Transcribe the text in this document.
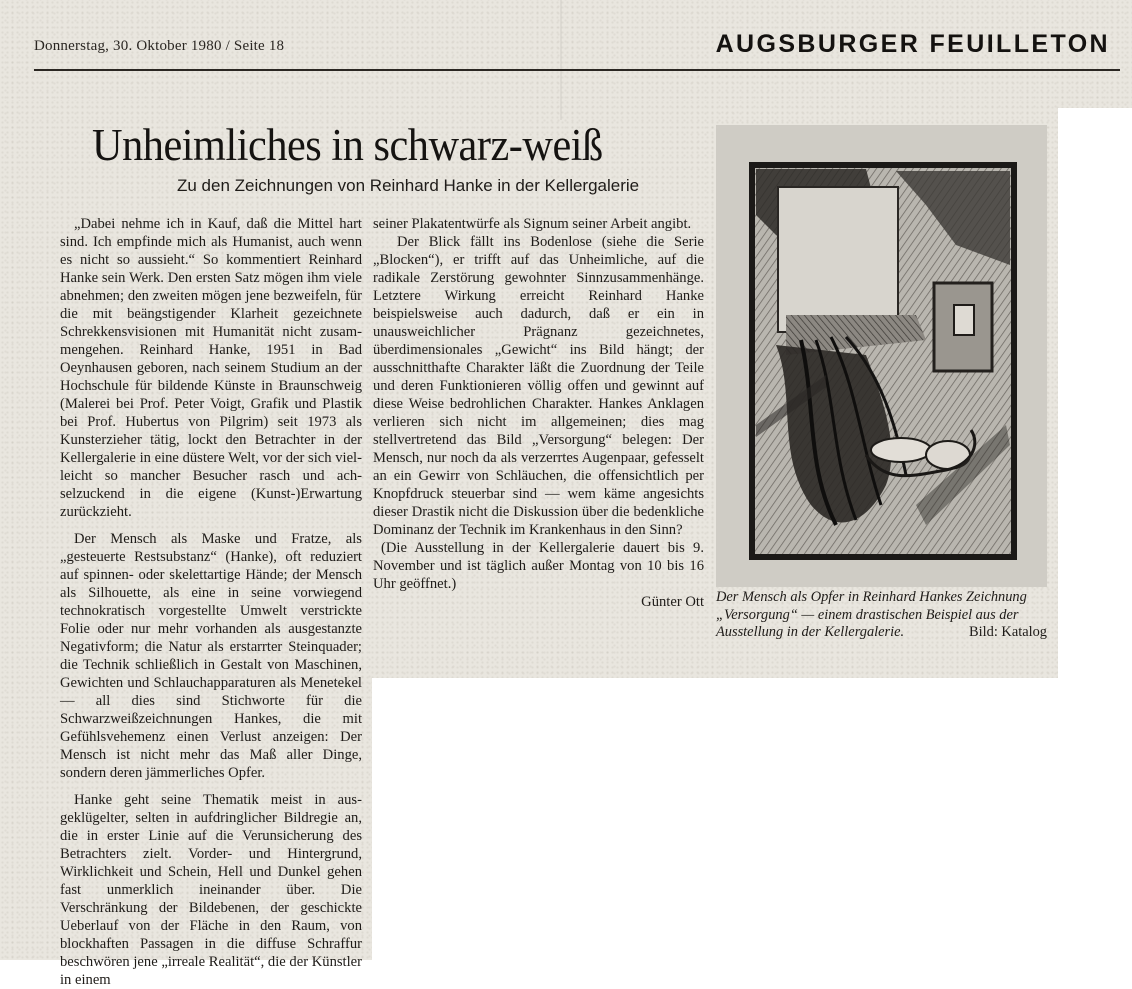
Donnerstag, 30. Oktober 1980 / Seite 18	AUGSBURGER FEUILLETON
Unheimliches in schwarz-weiß
Zu den Zeichnungen von Reinhard Hanke in der Kellergalerie

„Dabei nehme ich in Kauf, daß die Mittel hart sind. Ich empfinde mich als Humanist, auch wenn es nicht so aussieht.“ So kommentiert Reinhard Hanke sein Werk. Den ersten Satz mögen ihm viele abnehmen; den zweiten mögen jene bezweifeln, für die mit beängstigender Klarheit gezeichnete Schrekkensvisionen mit Humanität nicht zusammengehen. Reinhard Hanke, 1951 in Bad Oeynhausen geboren, nach seinem Studium an der Hochschule für bildende Künste in Braunschweig (Malerei bei Prof. Peter Voigt, Grafik und Plastik bei Prof. Hubertus von Pilgrim) seit 1973 als Kunsterzieher tätig, lockt den Betrachter in der Kellergalerie in eine düstere Welt, vor der sich vielleicht so mancher Besucher rasch und achselzuckend in die eigene (Kunst-)Erwartung zurückzieht.

Der Mensch als Maske und Fratze, als „gesteuerte Restsubstanz“ (Hanke), oft reduziert auf spinnen- oder skelettartige Hände; der Mensch als Silhouette, als eine in seine vorwiegend technokratisch vorgestellte Umwelt verstrickte Folie oder nur mehr vorhanden als ausgestanzte Negativform; die Natur als erstarrter Steinquader; die Technik schließlich in Gestalt von Maschinen, Gewichten und Schlauchapparaturen als Menetekel — all dies sind Stichworte für die Schwarzweißzeichnungen Hankes, die mit Gefühlsvehemenz einen Verlust anzeigen: Der Mensch ist nicht mehr das Maß aller Dinge, sondern deren jämmerliches Opfer.

Hanke geht seine Thematik meist in ausgeklügelter, selten in aufdringlicher Bildregie an, die in erster Linie auf die Verunsicherung des Betrachters zielt. Vorder- und Hintergrund, Wirklichkeit und Schein, Hell und Dunkel gehen fast unmerklich ineinander über. Die Verschränkung der Bildebenen, der geschickte Ueberlauf von der Fläche in den Raum, von blockhaften Passagen in die diffuse Schraffur beschwören jene „irreale Realität“, die der Künstler in einem

seiner Plakatentwürfe als Signum seiner Arbeit angibt.

Der Blick fällt ins Bodenlose (siehe die Serie „Blocken“), er trifft auf das Unheimliche, auf die radikale Zerstörung gewohnter Sinnzusammenhänge. Letztere Wirkung erreicht Reinhard Hanke beispielsweise auch dadurch, daß er ein in unausweichlicher Prägnanz gezeichnetes, überdimensionales „Gewicht“ ins Bild hängt; der ausschnitthafte Charakter läßt die Zuordnung der Teile und deren Funktionieren völlig offen und gewinnt auf diese Weise bedrohlichen Charakter. Hankes Anklagen verlieren sich nicht im allgemeinen; dies mag stellvertretend das Bild „Versorgung“ belegen: Der Mensch, nur noch da als verzerrtes Augenpaar, gefesselt an ein Gewirr von Schläuchen, die offensichtlich per Knopfdruck steuerbar sind — wem käme angesichts dieser Drastik nicht die Diskussion über die bedenkliche Dominanz der Technik im Krankenhaus in den Sinn?

(Die Ausstellung in der Kellergalerie dauert bis 9. November und ist täglich außer Montag von 10 bis 16 Uhr geöffnet.)

Günter Ott Der Mensch als Opfer in Reinhard Hankes Zeichnung „Versorgung“ — einem drastischen Beispiel aus der Ausstellung in der Kellergalerie.	Bild: Katalog
